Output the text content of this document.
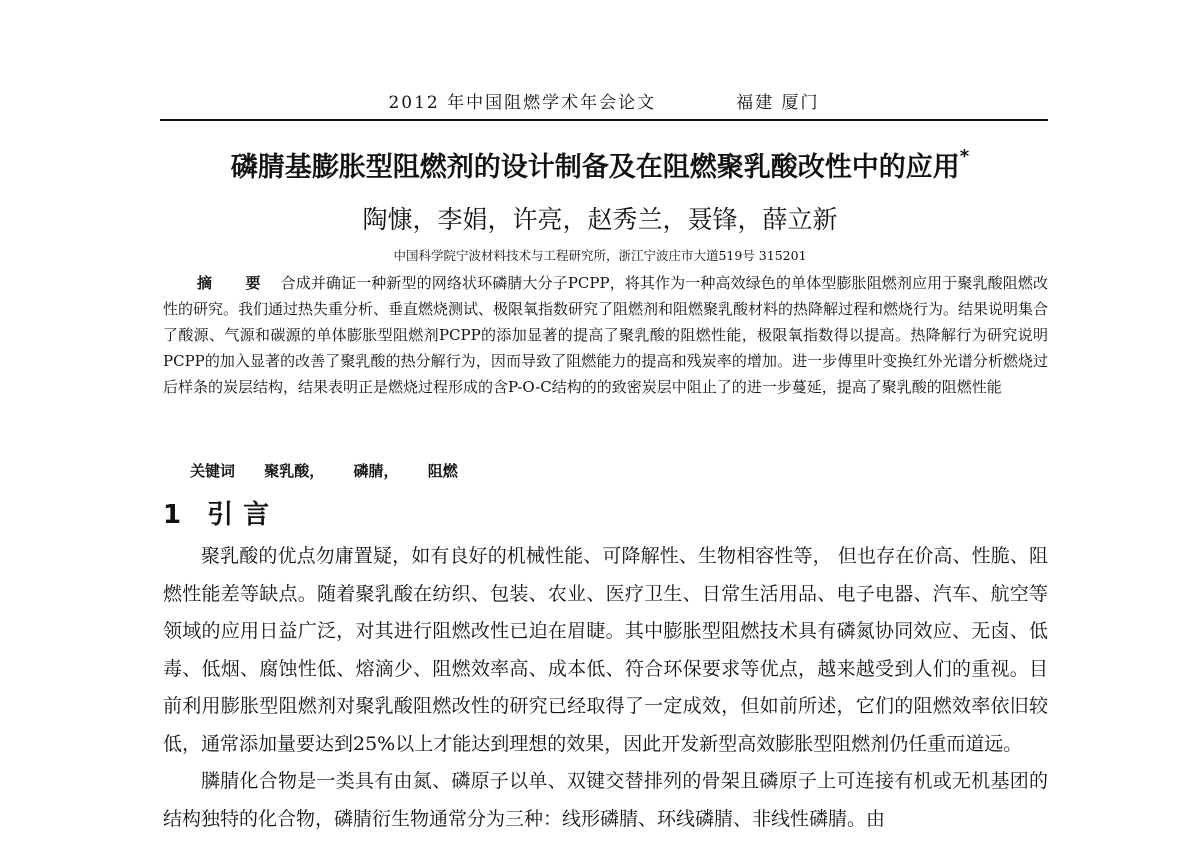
2012 年中国阻燃学术年会论文	福建 厦门
磷腈基膨胀型阻燃剂的设计制备及在阻燃聚乳酸改性中的应用*
陶慷，李娟，许亮，赵秀兰，聂锋，薛立新
中国科学院宁波材料技术与工程研究所，浙江宁波庄市大道519号 315201
摘 要 合成并确证一种新型的网络状环磷腈大分子PCPP，将其作为一种高效绿色的单体型膨胀阻燃剂应用于聚乳酸阻燃改性的研究。我们通过热失重分析、垂直燃烧测试、极限氧指数研究了阻燃剂和阻燃聚乳酸材料的热降解过程和燃烧行为。结果说明集合了酸源、气源和碳源的单体膨胀型阻燃剂PCPP的添加显著的提高了聚乳酸的阻燃性能，极限氧指数得以提高。热降解行为研究说明PCPP的加入显著的改善了聚乳酸的热分解行为，因而导致了阻燃能力的提高和残炭率的增加。进一步傅里叶变换红外光谱分析燃烧过后样条的炭层结构，结果表明正是燃烧过程形成的含P-O-C结构的的致密炭层中阻止了的进一步蔓延，提高了聚乳酸的阻燃性能
关键词 聚乳酸， 磷腈， 阻燃
1 引言

聚乳酸的优点勿庸置疑，如有良好的机械性能、可降解性、生物相容性等， 但也存在价高、性脆、阻燃性能差等缺点。随着聚乳酸在纺织、包装、农业、医疗卫生、日常生活用品、电子电器、汽车、航空等领域的应用日益广泛，对其进行阻燃改性已迫在眉睫。其中膨胀型阻燃技术具有磷氮协同效应、无卤、低毒、低烟、腐蚀性低、熔滴少、阻燃效率高、成本低、符合环保要求等优点，越来越受到人们的重视。目前利用膨胀型阻燃剂对聚乳酸阻燃改性的研究已经取得了一定成效，但如前所述，它们的阻燃效率依旧较低，通常添加量要达到25%以上才能达到理想的效果，因此开发新型高效膨胀型阻燃剂仍任重而道远。

膦腈化合物是一类具有由氮、磷原子以单、双键交替排列的骨架且磷原子上可连接有机或无机基团的结构独特的化合物，磷腈衍生物通常分为三种：线形磷腈、环线磷腈、非线性磷腈。由
